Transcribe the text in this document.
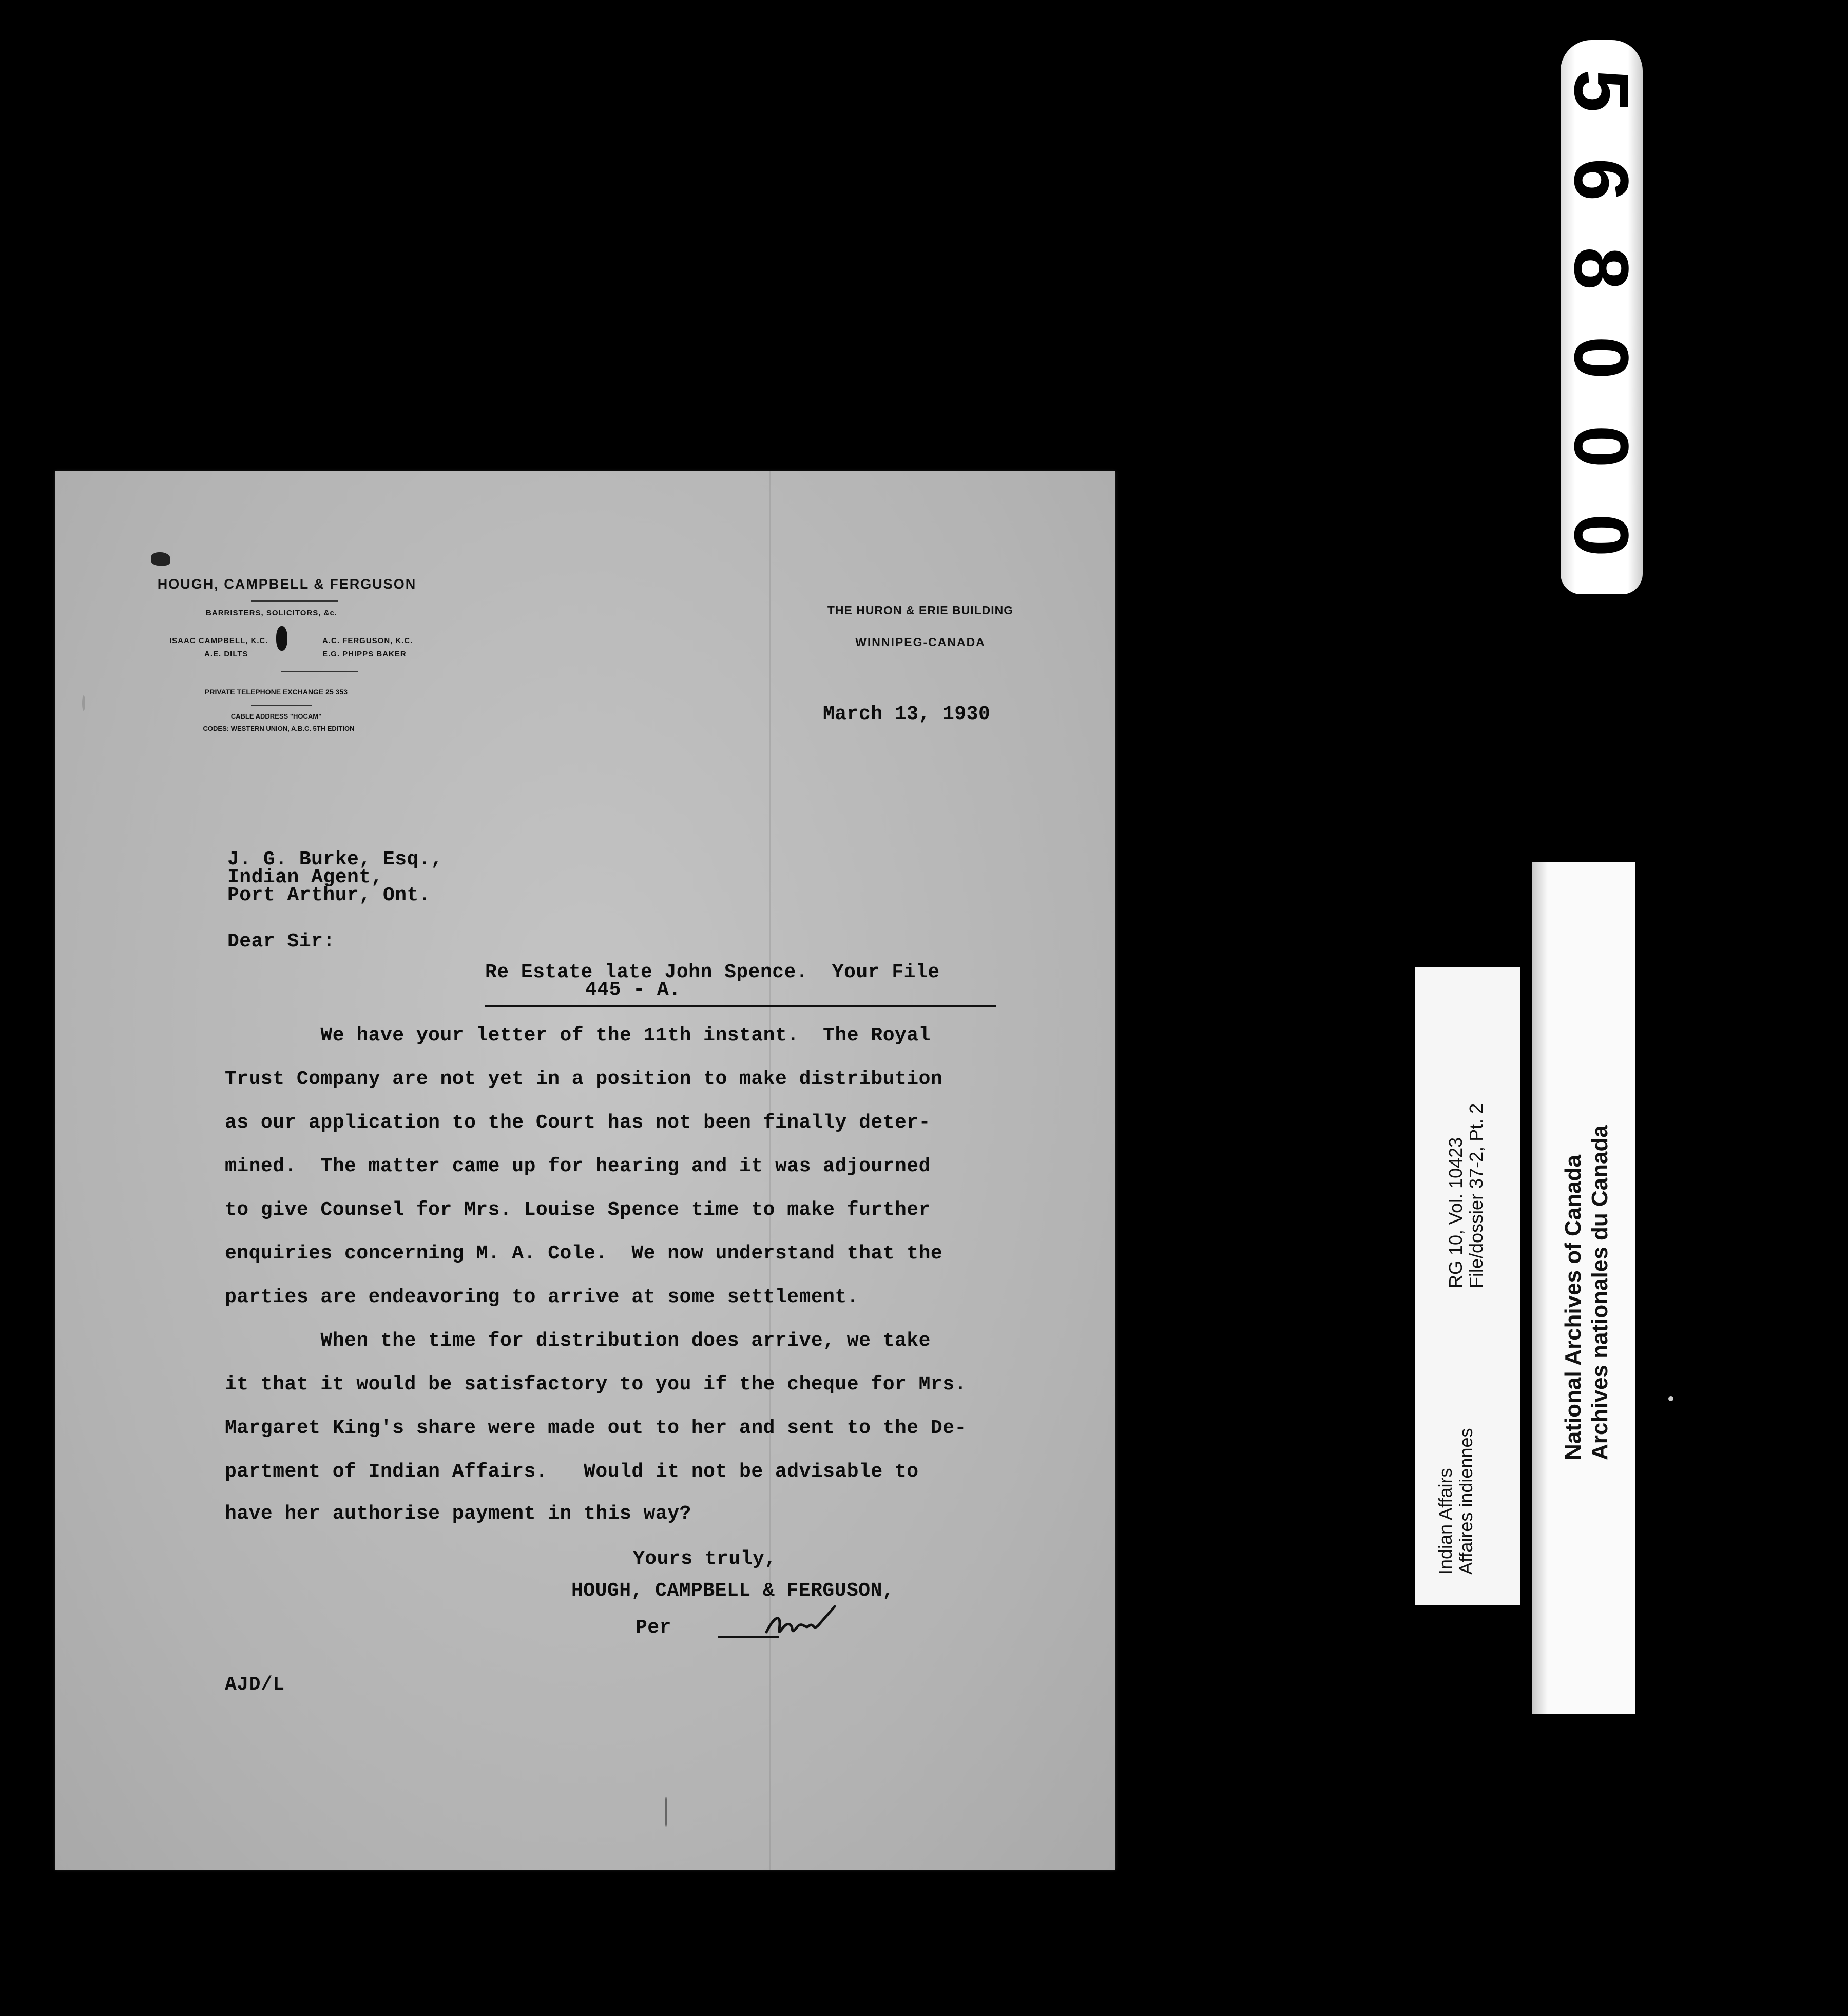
HOUGH, CAMPBELL & FERGUSON
BARRISTERS, SOLICITORS, &c.
ISAAC CAMPBELL, K.C.	A.C. FERGUSON, K.C.
A.E. DILTS	E.G. PHIPPS BAKER
PRIVATE TELEPHONE EXCHANGE 25 353
CABLE ADDRESS "HOCAM"
CODES: WESTERN UNION, A.B.C. 5TH EDITION
THE HURON & ERIE BUILDING
WINNIPEG-CANADA
March 13, 1930
J. G. Burke, Esq.,
Indian Agent,
Port Arthur, Ont.
Dear Sir:
Re Estate late John Spence.  Your File
445 - A.
We have your letter of the 11th instant.  The Royal
Trust Company are not yet in a position to make distribution
as our application to the Court has not been finally deter-
mined.  The matter came up for hearing and it was adjourned
to give Counsel for Mrs. Louise Spence time to make further
enquiries concerning M. A. Cole.  We now understand that the
parties are endeavoring to arrive at some settlement.
When the time for distribution does arrive, we take
it that it would be satisfactory to you if the cheque for Mrs.
Margaret King's share were made out to her and sent to the De-
partment of Indian Affairs.   Would it not be advisable to
have her authorise payment in this way?
Yours truly,
HOUGH, CAMPBELL & FERGUSON,
Per
AJD/L
5
6
8
0
0
0
Indian Affairs Affaires indiennes
RG 10, Vol. 10423 File/dossier 37-2, Pt. 2	National Archives of Canada Archives nationales du Canada
